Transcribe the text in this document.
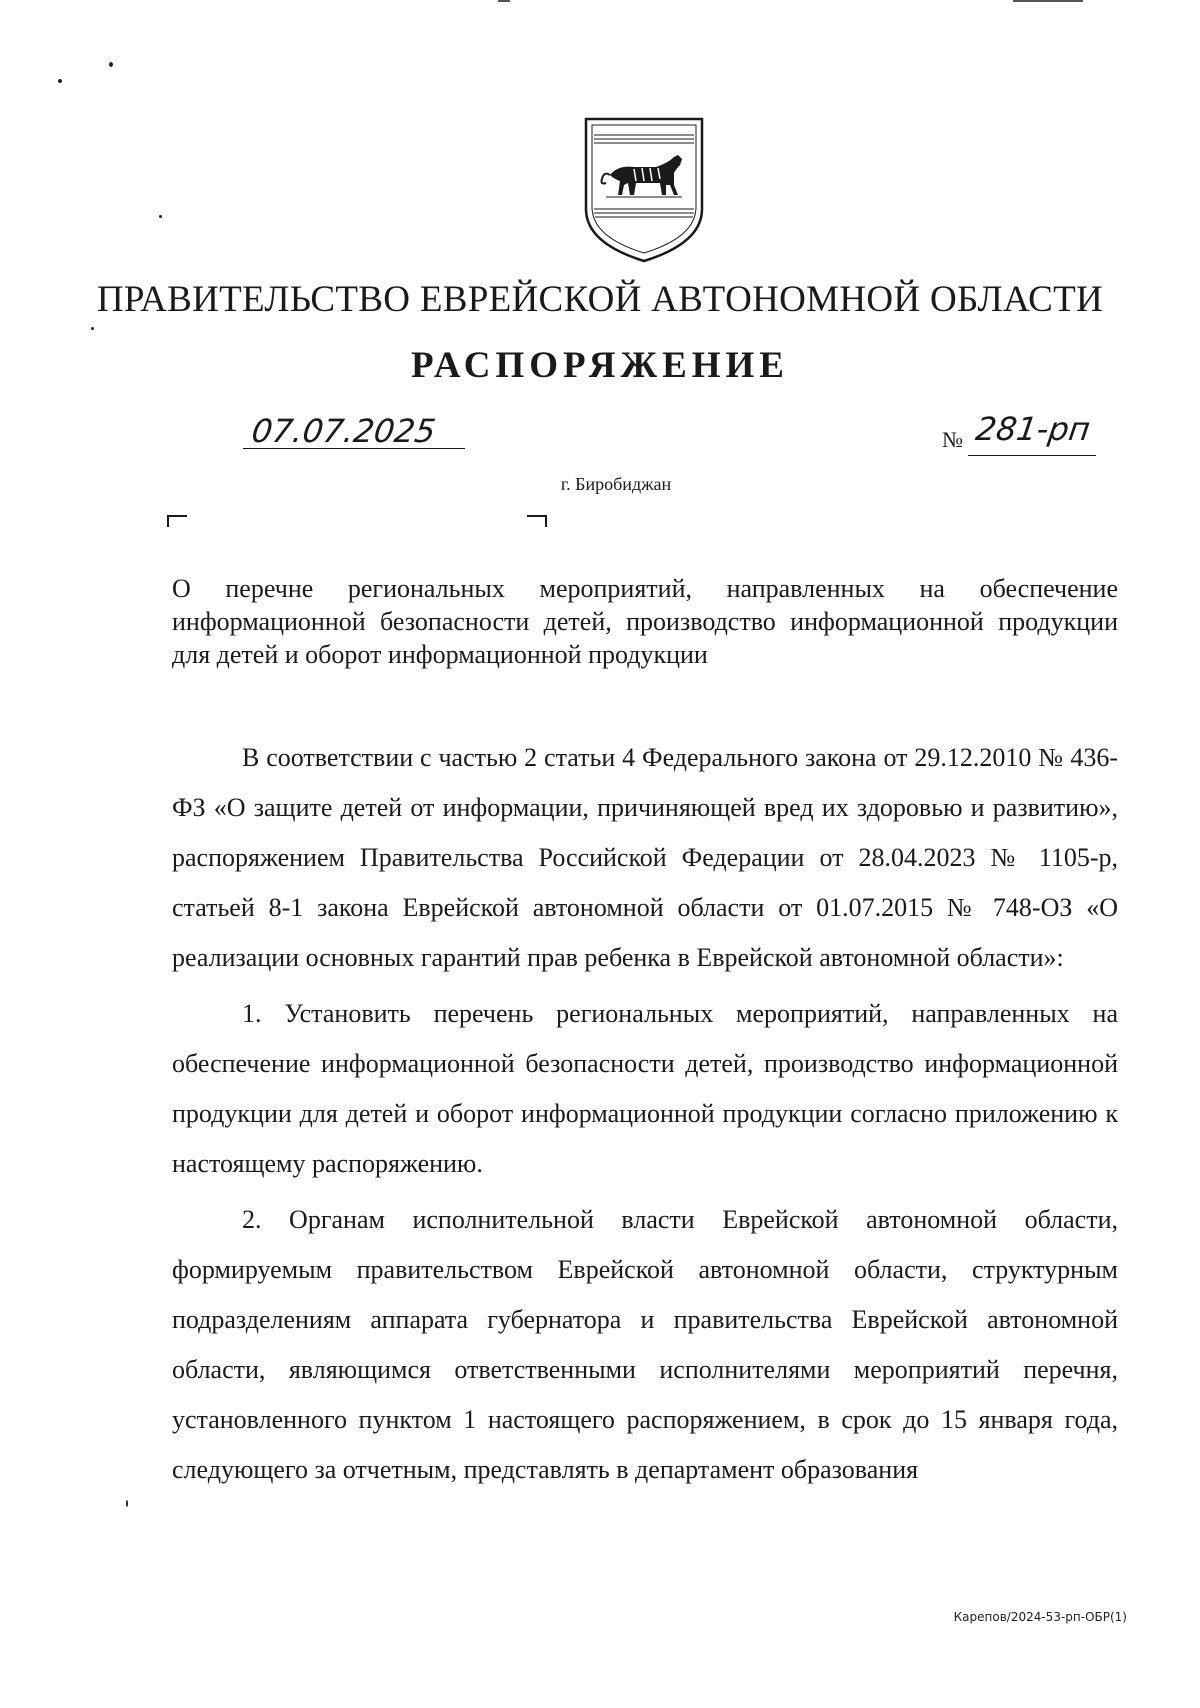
ПРАВИТЕЛЬСТВО ЕВРЕЙСКОЙ АВТОНОМНОЙ ОБЛАСТИ
РАСПОРЯЖЕНИЕ
07.07.2025	№ 281-рп
г. Биробиджан
О перечне региональных мероприятий, направленных на обеспечение информационной безопасности детей, производство информационной продукции для детей и оборот информационной продукции

В соответствии с частью 2 статьи 4 Федерального закона от 29.12.2010 № 436-ФЗ «О защите детей от информации, причиняющей вред их здоровью и развитию», распоряжением Правительства Российской Федерации от 28.04.2023 № 1105-р, статьей 8-1 закона Еврейской автономной области от 01.07.2015 № 748-ОЗ «О реализации основных гарантий прав ребенка в Еврейской автономной области»:

1. Установить перечень региональных мероприятий, направленных на обеспечение информационной безопасности детей, производство информационной продукции для детей и оборот информационной продукции согласно приложению к настоящему распоряжению.

2. Органам исполнительной власти Еврейской автономной области, формируемым правительством Еврейской автономной области, структурным подразделениям аппарата губернатора и правительства Еврейской автономной области, являющимся ответственными исполнителями мероприятий перечня, установленного пунктом 1 настоящего распоряжением, в срок до 15 января года, следующего за отчетным, представлять в департамент образования

Карепов/2024-53-рп-ОБР(1)
